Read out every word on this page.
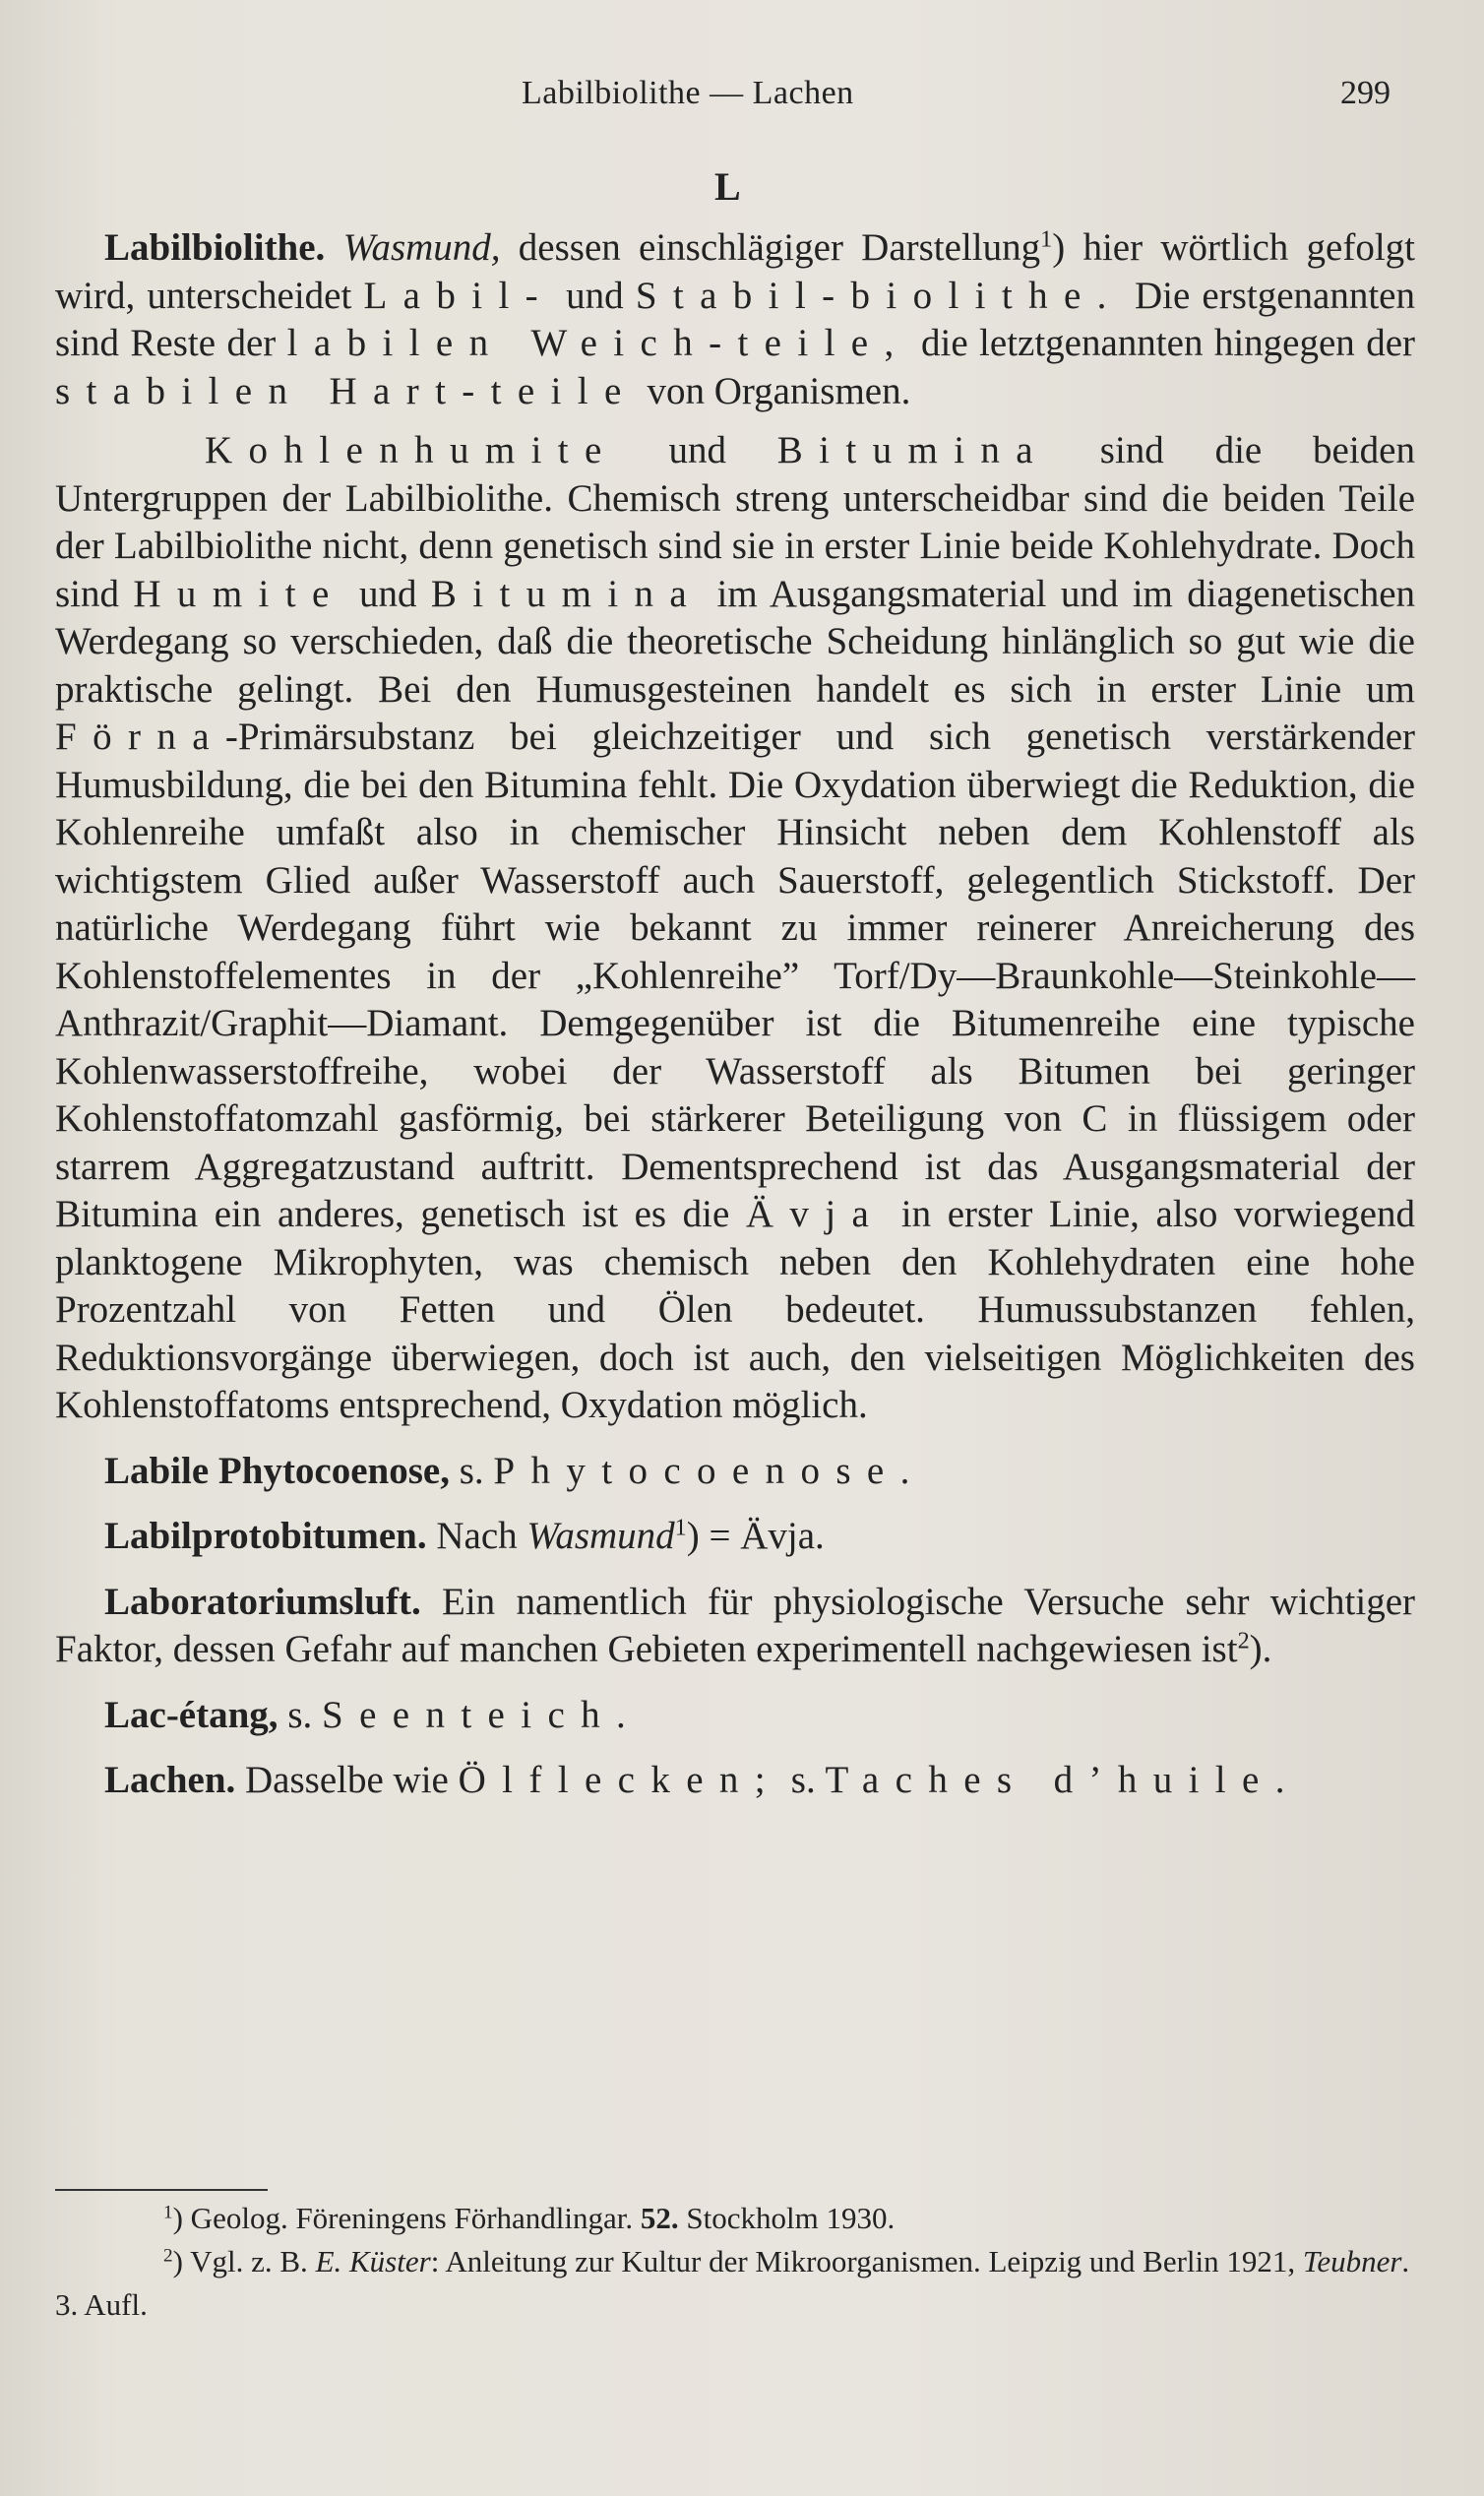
Labilbiolithe — Lachen	299
L

Labilbiolithe. Wasmund, dessen einschlägiger Darstellung$^1$) hier wörtlich gefolgt wird, unterscheidet Labil- und Stabil-biolithe. Die erstgenannten sind Reste der labilen Weich-teile, die letztgenannten hingegen der stabilen Hart-teile von Organismen.

Kohlenhumite und Bitumina sind die beiden Untergruppen der Labilbiolithe. Chemisch streng unterscheidbar sind die beiden Teile der Labilbiolithe nicht, denn genetisch sind sie in erster Linie beide Kohlehydrate. Doch sind Humite und Bitumina im Ausgangsmaterial und im diagenetischen Werdegang so verschieden, daß die theoretische Scheidung hinlänglich so gut wie die praktische gelingt. Bei den Humusgesteinen handelt es sich in erster Linie um Förna-Primärsubstanz bei gleichzeitiger und sich genetisch verstärkender Humusbildung, die bei den Bitumina fehlt. Die Oxydation überwiegt die Reduktion, die Kohlenreihe umfaßt also in chemischer Hinsicht neben dem Kohlenstoff als wichtigstem Glied außer Wasserstoff auch Sauerstoff, gelegentlich Stickstoff. Der natürliche Werdegang führt wie bekannt zu immer reinerer Anreicherung des Kohlenstoffelementes in der „Kohlenreihe” Torf/Dy—Braunkohle—Steinkohle—Anthrazit/Graphit—Diamant. Demgegenüber ist die Bitumenreihe eine typische Kohlenwasserstoffreihe, wobei der Wasserstoff als Bitumen bei geringer Kohlenstoffatomzahl gasförmig, bei stärkerer Beteiligung von C in flüssigem oder starrem Aggregatzustand auftritt. Dementsprechend ist das Ausgangsmaterial der Bitumina ein anderes, genetisch ist es die Ävja in erster Linie, also vorwiegend planktogene Mikrophyten, was chemisch neben den Kohlehydraten eine hohe Prozentzahl von Fetten und Ölen bedeutet. Humussubstanzen fehlen, Reduktionsvorgänge überwiegen, doch ist auch, den vielseitigen Möglichkeiten des Kohlenstoffatoms entsprechend, Oxydation möglich.

Labile Phytocoenose, s. Phytocoenose.

Labilprotobitumen. Nach Wasmund$^1$) = Ävja.

Laboratoriumsluft. Ein namentlich für physiologische Versuche sehr wichtiger Faktor, dessen Gefahr auf manchen Gebieten experimentell nachgewiesen ist$^2$).

Lac-étang, s. Seenteich.

Lachen. Dasselbe wie Ölflecken; s. Taches d’huile.

$^1$) Geolog. Föreningens Förhandlingar. 52. Stockholm 1930.

$^2$) Vgl. z. B. E. Küster: Anleitung zur Kultur der Mikroorganismen. Leipzig und Berlin 1921, Teubner. 3. Aufl.
